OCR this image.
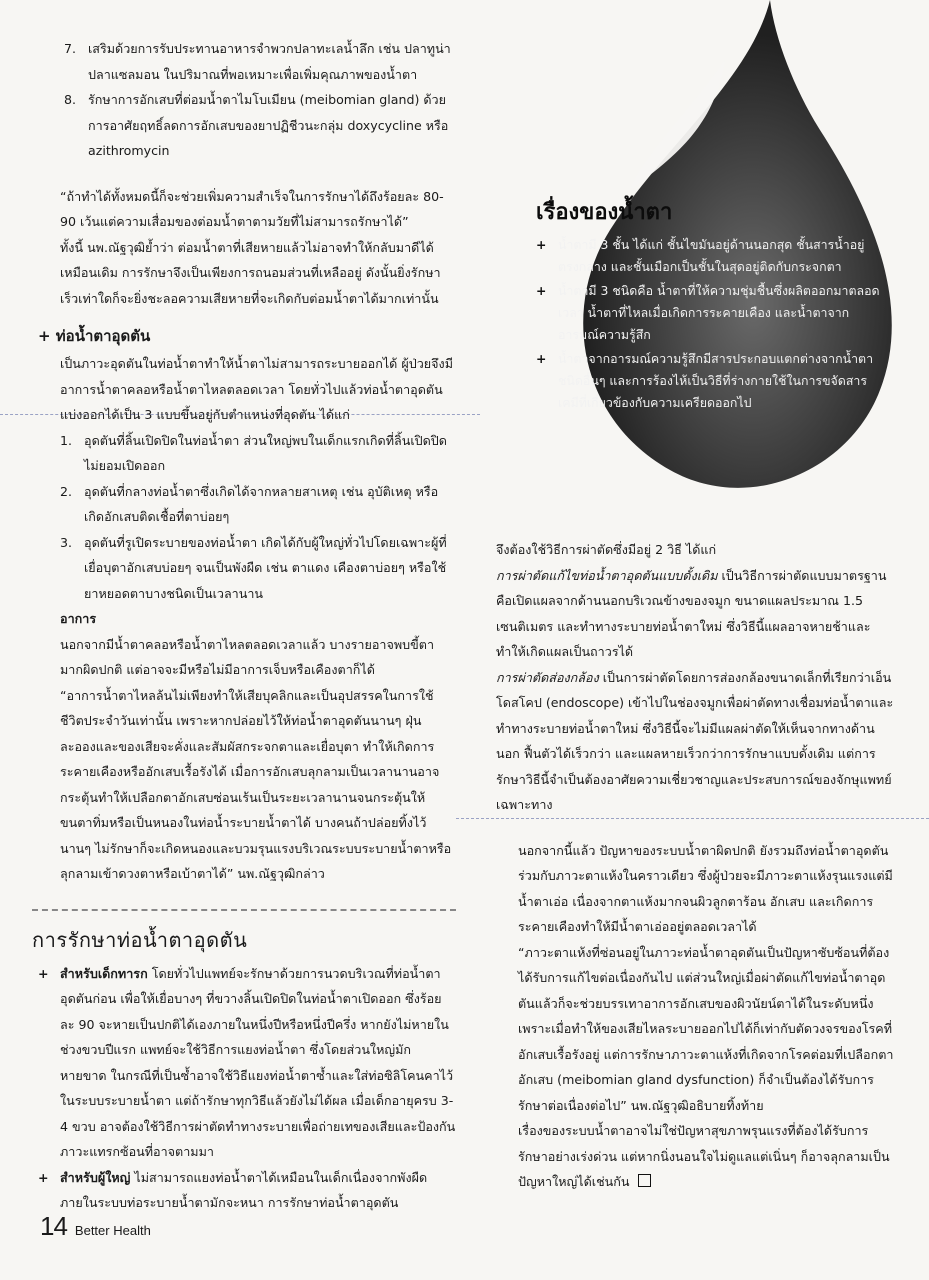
เรื่องของน้ำตา
+ น้ำตามี 3 ชั้น ได้แก่ ชั้นไขมันอยู่ด้านนอกสุด ชั้นสารน้ำอยู่ตรงกลาง และชั้นเมือกเป็นชั้นในสุดอยู่ติดกับกระจกตา
+ น้ำตามี 3 ชนิดคือ น้ำตาที่ให้ความชุ่มชื้นซึ่งผลิตออกมาตลอดเวลา น้ำตาที่ไหลเมื่อเกิดการระคายเคือง และน้ำตาจากอารมณ์ความรู้สึก
+ น้ำตาจากอารมณ์ความรู้สึกมีสารประกอบแตกต่างจากน้ำตาชนิดอื่นๆ และการร้องไห้เป็นวิธีที่ร่างกายใช้ในการขจัดสารเคมีที่เกี่ยวข้องกับความเครียดออกไป
7. เสริมด้วยการรับประทานอาหารจำพวกปลาทะเลน้ำลึก เช่น ปลาทูน่า ปลาแซลมอน ในปริมาณที่พอเหมาะเพื่อเพิ่มคุณภาพของน้ำตา
8. รักษาการอักเสบที่ต่อมน้ำตาไมโบเมียน (meibomian gland) ด้วยการอาศัยฤทธิ์ลดการอักเสบของยาปฏิชีวนะกลุ่ม doxycycline หรือ azithromycin

“ถ้าทำได้ทั้งหมดนี้ก็จะช่วยเพิ่มความสำเร็จในการรักษาได้ถึงร้อยละ 80-90 เว้นแต่ความเสื่อมของต่อมน้ำตาตามวัยที่ไม่สามารถรักษาได้”

ทั้งนี้ นพ.ณัฐวุฒิย้ำว่า ต่อมน้ำตาที่เสียหายแล้วไม่อาจทำให้กลับมาดีได้เหมือนเดิม การรักษาจึงเป็นเพียงการถนอมส่วนที่เหลืออยู่ ดังนั้นยิ่งรักษาเร็วเท่าใดก็จะยิ่งชะลอความเสียหายที่จะเกิดกับต่อมน้ำตาได้มากเท่านั้น

+ ท่อน้ำตาอุดตัน

เป็นภาวะอุดตันในท่อน้ำตาทำให้น้ำตาไม่สามารถระบายออกได้ ผู้ป่วยจึงมีอาการน้ำตาคลอหรือน้ำตาไหลตลอดเวลา โดยทั่วไปแล้วท่อน้ำตาอุดตันแบ่งออกได้เป็น 3 แบบขึ้นอยู่กับตำแหน่งที่อุดตัน ได้แก่

1. อุดตันที่ลิ้นเปิดปิดในท่อน้ำตา ส่วนใหญ่พบในเด็กแรกเกิดที่ลิ้นเปิดปิดไม่ยอมเปิดออก
2. อุดตันที่กลางท่อน้ำตาซึ่งเกิดได้จากหลายสาเหตุ เช่น อุบัติเหตุ หรือเกิดอักเสบติดเชื้อที่ตาบ่อยๆ
3. อุดตันที่รูเปิดระบายของท่อน้ำตา เกิดได้กับผู้ใหญ่ทั่วไปโดยเฉพาะผู้ที่เยื่อบุตาอักเสบบ่อยๆ จนเป็นพังผืด เช่น ตาแดง เคืองตาบ่อยๆ หรือใช้ยาหยอดตาบางชนิดเป็นเวลานาน

อาการ

นอกจากมีน้ำตาคลอหรือน้ำตาไหลตลอดเวลาแล้ว บางรายอาจพบขี้ตามากผิดปกติ แต่อาจจะมีหรือไม่มีอาการเจ็บหรือเคืองตาก็ได้

“อาการน้ำตาไหลล้นไม่เพียงทำให้เสียบุคลิกและเป็นอุปสรรคในการใช้ชีวิตประจำวันเท่านั้น เพราะหากปล่อยไว้ให้ท่อน้ำตาอุดตันนานๆ ฝุ่นละอองและของเสียจะคั่งและสัมผัสกระจกตาและเยื่อบุตา ทำให้เกิดการระคายเคืองหรืออักเสบเรื้อรังได้ เมื่อการอักเสบลุกลามเป็นเวลานานอาจกระตุ้นทำให้เปลือกตาอักเสบซ่อนเร้นเป็นระยะเวลานานจนกระตุ้นให้ขนตาทิ่มหรือเป็นหนองในท่อน้ำระบายน้ำตาได้ บางคนถ้าปล่อยทิ้งไว้นานๆ ไม่รักษาก็จะเกิดหนองและบวมรุนแรงบริเวณระบบระบายน้ำตาหรือลุกลามเข้าดวงตาหรือเบ้าตาได้” นพ.ณัฐวุฒิกล่าว

การรักษาท่อน้ำตาอุดตัน
+ สำหรับเด็กทารก โดยทั่วไปแพทย์จะรักษาด้วยการนวดบริเวณที่ท่อน้ำตาอุดตันก่อน เพื่อให้เยื่อบางๆ ที่ขวางลิ้นเปิดปิดในท่อน้ำตาเปิดออก ซึ่งร้อยละ 90 จะหายเป็นปกติได้เองภายในหนึ่งปีหรือหนึ่งปีครึ่ง หากยังไม่หายในช่วงขวบปีแรก แพทย์จะใช้วิธีการแยงท่อน้ำตา ซึ่งโดยส่วนใหญ่มักหายขาด ในกรณีที่เป็นซ้ำอาจใช้วิธีแยงท่อน้ำตาซ้ำและใส่ท่อซิลิโคนคาไว้ในระบบระบายน้ำตา แต่ถ้ารักษาทุกวิธีแล้วยังไม่ได้ผล เมื่อเด็กอายุครบ 3-4 ขวบ อาจต้องใช้วิธีการผ่าตัดทำทางระบายเพื่อถ่ายเทของเสียและป้องกันภาวะแทรกซ้อนที่อาจตามมา
+ สำหรับผู้ใหญ่ ไม่สามารถแยงท่อน้ำตาได้เหมือนในเด็กเนื่องจากพังผืดภายในระบบท่อระบายน้ำตามักจะหนา การรักษาท่อน้ำตาอุดตัน

จึงต้องใช้วิธีการผ่าตัดซึ่งมีอยู่ 2 วิธี ได้แก่

การผ่าตัดแก้ไขท่อน้ำตาอุดตันแบบดั้งเดิม เป็นวิธีการผ่าตัดแบบมาตรฐานคือเปิดแผลจากด้านนอกบริเวณข้างของจมูก ขนาดแผลประมาณ 1.5 เซนติเมตร และทำทางระบายท่อน้ำตาใหม่ ซึ่งวิธีนี้แผลอาจหายช้าและทำให้เกิดแผลเป็นถาวรได้

การผ่าตัดส่องกล้อง เป็นการผ่าตัดโดยการส่องกล้องขนาดเล็กที่เรียกว่าเอ็นโดสโคป (endoscope) เข้าไปในช่องจมูกเพื่อผ่าตัดทางเชื่อมท่อน้ำตาและทำทางระบายท่อน้ำตาใหม่ ซึ่งวิธีนี้จะไม่มีแผลผ่าตัดให้เห็นจากทางด้านนอก ฟื้นตัวได้เร็วกว่า และแผลหายเร็วกว่าการรักษาแบบดั้งเดิม แต่การรักษาวิธีนี้จำเป็นต้องอาศัยความเชี่ยวชาญและประสบการณ์ของจักษุแพทย์เฉพาะทาง

นอกจากนี้แล้ว ปัญหาของระบบน้ำตาผิดปกติ ยังรวมถึงท่อน้ำตาอุดตันร่วมกับภาวะตาแห้งในคราวเดียว ซึ่งผู้ป่วยจะมีภาวะตาแห้งรุนแรงแต่มีน้ำตาเอ่อ เนื่องจากตาแห้งมากจนผิวลูกตาร้อน อักเสบ และเกิดการระคายเคืองทำให้มีน้ำตาเอ่ออยู่ตลอดเวลาได้

“ภาวะตาแห้งที่ซ่อนอยู่ในภาวะท่อน้ำตาอุดตันเป็นปัญหาซับซ้อนที่ต้องได้รับการแก้ไขต่อเนื่องกันไป แต่ส่วนใหญ่เมื่อผ่าตัดแก้ไขท่อน้ำตาอุดตันแล้วก็จะช่วยบรรเทาอาการอักเสบของผิวนัยน์ตาได้ในระดับหนึ่ง เพราะเมื่อทำให้ของเสียไหลระบายออกไปได้ก็เท่ากับตัดวงจรของโรคที่อักเสบเรื้อรังอยู่ แต่การรักษาภาวะตาแห้งที่เกิดจากโรคต่อมที่เปลือกตาอักเสบ (meibomian gland dysfunction) ก็จำเป็นต้องได้รับการรักษาต่อเนื่องต่อไป” นพ.ณัฐวุฒิอธิบายทิ้งท้าย

เรื่องของระบบน้ำตาอาจไม่ใช่ปัญหาสุขภาพรุนแรงที่ต้องได้รับการรักษาอย่างเร่งด่วน แต่หากนิ่งนอนใจไม่ดูแลแต่เนิ่นๆ ก็อาจลุกลามเป็นปัญหาใหญ่ได้เช่นกัน

14 Better Health
